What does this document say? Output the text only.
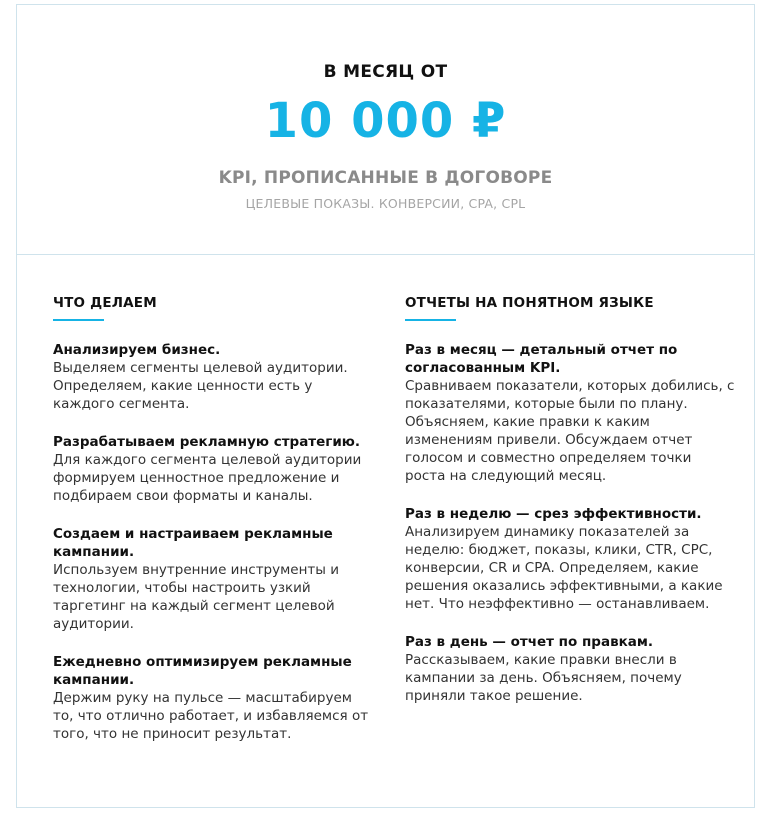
В МЕСЯЦ ОТ
10 000 ₽
KPI, ПРОПИСАННЫЕ В ДОГОВОРЕ
ЦЕЛЕВЫЕ ПОКАЗЫ. КОНВЕРСИИ, CPA, CPL
ЧТО ДЕЛАЕМ
Анализируем бизнес.
Выделяем сегменты целевой аудитории. Определяем, какие ценности есть у каждого сегмента.
Разрабатываем рекламную стратегию.
Для каждого сегмента целевой аудитории формируем ценностное предложение и подбираем свои форматы и каналы.
Создаем и настраиваем рекламные кампании.
Используем внутренние инструменты и технологии, чтобы настроить узкий таргетинг на каждый сегмент целевой аудитории.
Ежедневно оптимизируем рекламные кампании.
Держим руку на пульсе — масштабируем то, что отлично работает, и избавляемся от того, что не приносит результат.
ОТЧЕТЫ НА ПОНЯТНОМ ЯЗЫКЕ
Раз в месяц — детальный отчет по согласованным KPI.
Сравниваем показатели, которых добились, с показателями, которые были по плану. Объясняем, какие правки к каким изменениям привели. Обсуждаем отчет голосом и совместно определяем точки роста на следующий месяц.
Раз в неделю — срез эффективности.
Анализируем динамику показателей за неделю: бюджет, показы, клики, CTR, CPC, конверсии, CR и CPA. Определяем, какие решения оказались эффективными, а какие нет. Что неэффективно — останавливаем.
Раз в день — отчет по правкам.
Рассказываем, какие правки внесли в кампании за день. Объясняем, почему приняли такое решение.
